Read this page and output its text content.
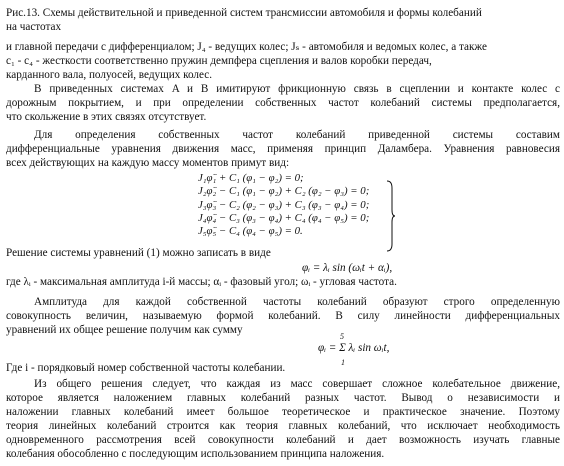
Рис.13. Схемы действительной и приведенной систем трансмиссии автомобиля и формы колебаний
на частотах
и главной передачи с дифференциалом; J₄ - ведущих колес; Jₛ - автомобиля и ведомых колес, а также
c₁ - c₄ - жесткости соответственно пружин демпфера сцепления и валов коробки передач,
карданного вала, полуосей, ведущих колес.
В приведенных системах A и B имитируют фрикционную связь в сцеплении и контакте колес с
дорожным покрытием, и при определении собственных частот колебаний системы предполагается,
что скольжение в этих связях отсутствует.
Для определения собственных частот колебаний приведенной системы составим
дифференциальные уравнения движения масс, применяя принцип Даламбера. Уравнения равновесия
всех действующих на каждую массу моментов примут вид:
J₁φ̈₁ + C₁ (φ₁ − φ₂) = 0;
J₂φ̈₂ − C₁ (φ₁ − φ₂) + C₂ (φ₂ − φ₃) = 0;
J₃φ̈₃ − C₂ (φ₂ − φ₃) + C₃ (φ₃ − φ₄) = 0;
J₄φ̈₄ − C₃ (φ₃ − φ₄) + C₄ (φ₄ − φ₅) = 0;
J₅φ̈₅ − C₄ (φ₄ − φ₅) = 0.
Решение системы уравнений (1) можно записать в виде
φᵢ = λᵢ sin (ωᵢt + αᵢ),
где λᵢ - максимальная амплитуда i-й массы; αᵢ - фазовый угол; ωᵢ - угловая частота.
Амплитуда для каждой собственной частоты колебаний образуют строго определенную
совокупность величин, называемую формой колебаний. В силу линейности дифференциальных
уравнений их общее решение получим как сумму
φᵢ = Σ λᵢ sin ωᵢt,
5
1
Где i - порядковый номер собственной частоты колебании.
Из общего решения следует, что каждая из масс совершает сложное колебательное движение,
которое является наложением главных колебаний разных частот. Вывод о независимости и
наложении главных колебаний имеет большое теоретическое и практическое значение. Поэтому
теория линейных колебаний строится как теория главных колебаний, что исключает необходимость
одновременного рассмотрения всей совокупности колебаний и дает возможность изучать главные
колебания обособленно с последующим использованием принципа наложения.
